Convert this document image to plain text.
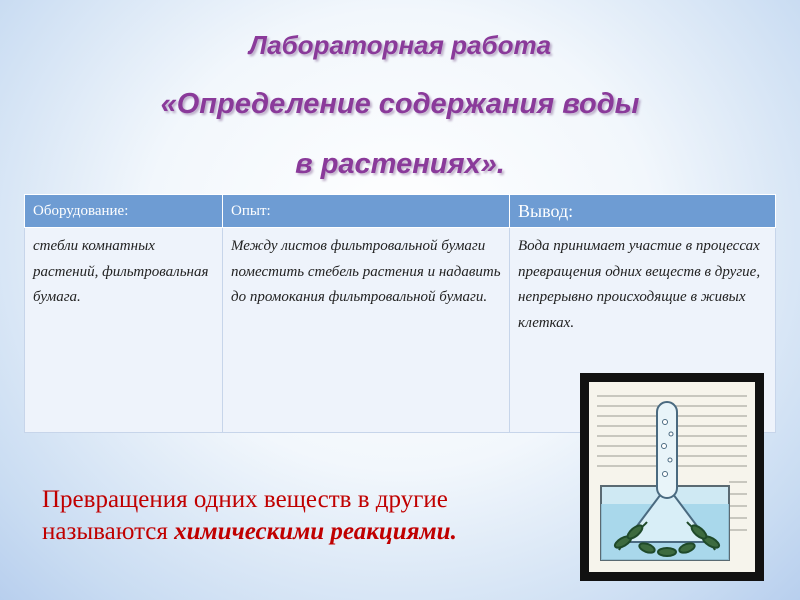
Лабораторная работа
«Определение содержания воды
в растениях».
Оборудование:	Опыт:	Вывод:
стебли комнатных растений, фильтровальная бумага.	Между листов фильтровальной бумаги поместить стебель растения и надавить до промокания фильтровальной бумаги.	Вода принимает участие в процессах превращения одних веществ в другие, непрерывно происходящие в живых клетках.

Превращения одних веществ в другие

называются химическими реакциями.
